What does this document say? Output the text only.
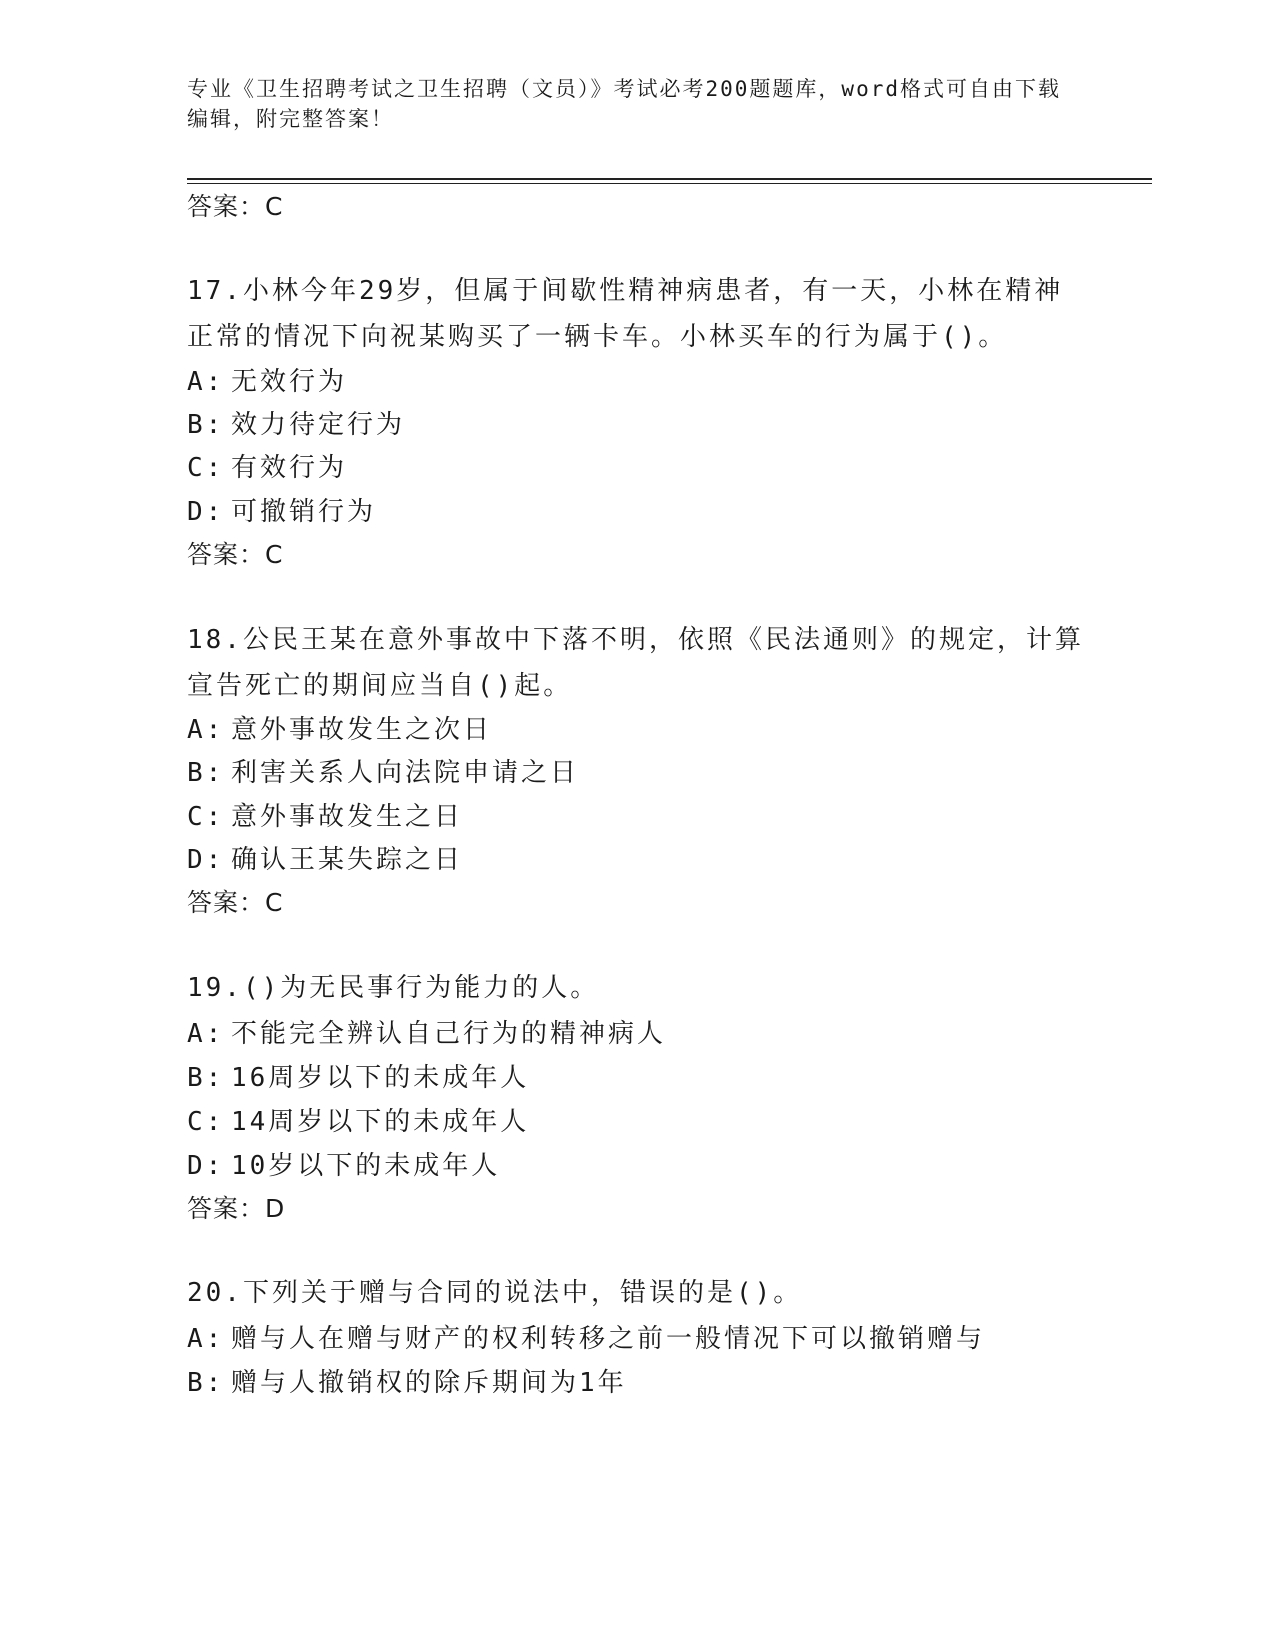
专业《卫生招聘考试之卫生招聘（文员）》考试必考200题题库，word格式可自由下载编辑，附完整答案！
答案：C
17.小林今年29岁，但属于间歇性精神病患者，有一天，小林在精神正常的情况下向祝某购买了一辆卡车。小林买车的行为属于()。
A: 无效行为
B: 效力待定行为
C: 有效行为
D: 可撤销行为
答案：C
18.公民王某在意外事故中下落不明，依照《民法通则》的规定，计算宣告死亡的期间应当自()起。
A: 意外事故发生之次日
B: 利害关系人向法院申请之日
C: 意外事故发生之日
D: 确认王某失踪之日
答案：C
19.()为无民事行为能力的人。
A: 不能完全辨认自己行为的精神病人
B: 16周岁以下的未成年人
C: 14周岁以下的未成年人
D: 10岁以下的未成年人
答案：D
20.下列关于赠与合同的说法中，错误的是()。
A: 赠与人在赠与财产的权利转移之前一般情况下可以撤销赠与
B: 赠与人撤销权的除斥期间为1年
